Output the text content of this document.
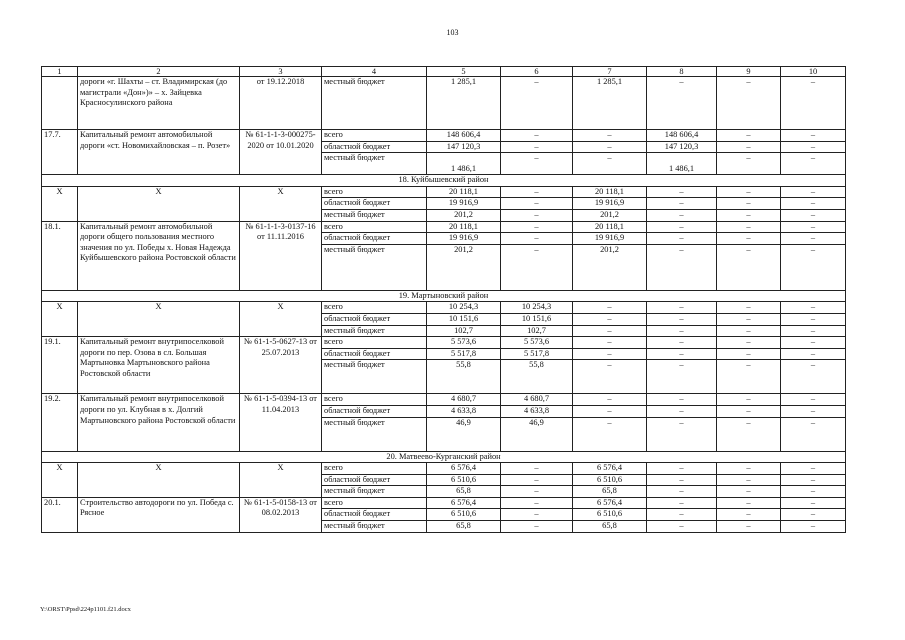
103
1	2	3	4	5	6	7	8	9	10
	дороги «г. Шахты – ст. Владимирская (до магистрали «Дон»)» – х. Зайцевка Красносулинского района	от 19.12.2018	местный бюджет	1 285,1	–	1 285,1	–	–	–
17.7.	Капитальный ремонт автомобильной дороги «ст. Новомихайловская – п. Розет»	№ 61-1-1-3-000275-2020 от 10.01.2020	всего	148 606,4	–	–	148 606,4	–	–
			областной бюджет	147 120,3	–	–	147 120,3	–	–
			местный бюджет	1 486,1	–	–	1 486,1	–	–
18. Куйбышевский район									
X	X	X	всего	20 118,1	–	20 118,1	–	–	–
			областной бюджет	19 916,9	–	19 916,9	–	–	–
			местный бюджет	201,2	–	201,2	–	–	–
18.1.	Капитальный ремонт автомобильной дороги общего пользования местного значения по ул. Победы х. Новая Надежда Куйбышевского района Ростовской области	№ 61-1-1-3-0137-16 от 11.11.2016	всего	20 118,1	–	20 118,1	–	–	–
			областной бюджет	19 916,9	–	19 916,9	–	–	–
			местный бюджет	201,2	–	201,2	–	–	–
19. Мартыновский район									
X	X	X	всего	10 254,3	10 254,3	–	–	–	–
			областной бюджет	10 151,6	10 151,6	–	–	–	–
			местный бюджет	102,7	102,7	–	–	–	–
19.1.	Капитальный ремонт внутрипоселковой дороги по пер. Озова в сл. Большая Мартыновка Мартыновского района Ростовской области	№ 61-1-5-0627-13 от 25.07.2013	всего	5 573,6	5 573,6	–	–	–	–
			областной бюджет	5 517,8	5 517,8	–	–	–	–
			местный бюджет	55,8	55,8	–	–	–	–
19.2.	Капитальный ремонт внутрипоселковой дороги по ул. Клубная в х. Долгий Мартыновского района Ростовской области	№ 61-1-5-0394-13 от 11.04.2013	всего	4 680,7	4 680,7	–	–	–	–
			областной бюджет	4 633,8	4 633,8	–	–	–	–
			местный бюджет	46,9	46,9	–	–	–	–
20. Матвеево-Курганский район									
X	X	X	всего	6 576,4	–	6 576,4	–	–	–
			областной бюджет	6 510,6	–	6 510,6	–	–	–
			местный бюджет	65,8	–	65,8	–	–	–
20.1.	Строительство автодороги по ул. Победа с. Рясное	№ 61-1-5-0158-13 от 08.02.2013	всего	6 576,4	–	6 576,4	–	–	–
			областной бюджет	6 510,6	–	6 510,6	–	–	–
			местный бюджет	65,8	–	65,8	–	–	–
Y:\ORST\Ppsd\224p1101.f21.docx
